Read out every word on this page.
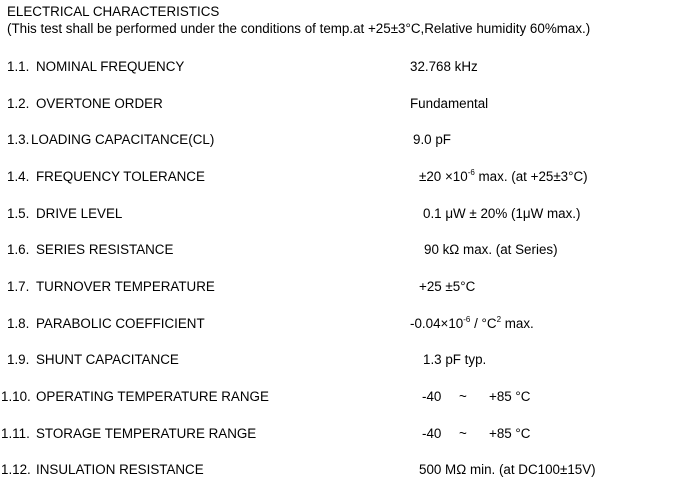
ELECTRICAL CHARACTERISTICS
(This test shall be performed under the conditions of temp.at +25±3°C,Relative humidity 60%max.)
1.1. NOMINAL FREQUENCY	32.768 kHz
1.2. OVERTONE ORDER	Fundamental
1.3. LOADING CAPACITANCE(CL)	9.0 pF
1.4. FREQUENCY TOLERANCE	$\pm 20 \times 10^{-6}$ max. (at +25±3°C)
1.5. DRIVE LEVEL	0.1 μW ± 20% (1μW max.)
1.6. SERIES RESISTANCE	90 kΩ max. (at Series)
1.7. TURNOVER TEMPERATURE	+25 ±5°C
1.8. PARABOLIC COEFFICIENT	$-0.04\times 10^{-6} / ^\circ C^2$ max.
1.9. SHUNT CAPACITANCE	1.3 pF typ.
1.10. OPERATING TEMPERATURE RANGE	-40 ~ +85 °C
1.11. STORAGE TEMPERATURE RANGE	-40 ~ +85 °C
1.12. INSULATION RESISTANCE	500 MΩ min. (at DC100±15V)
